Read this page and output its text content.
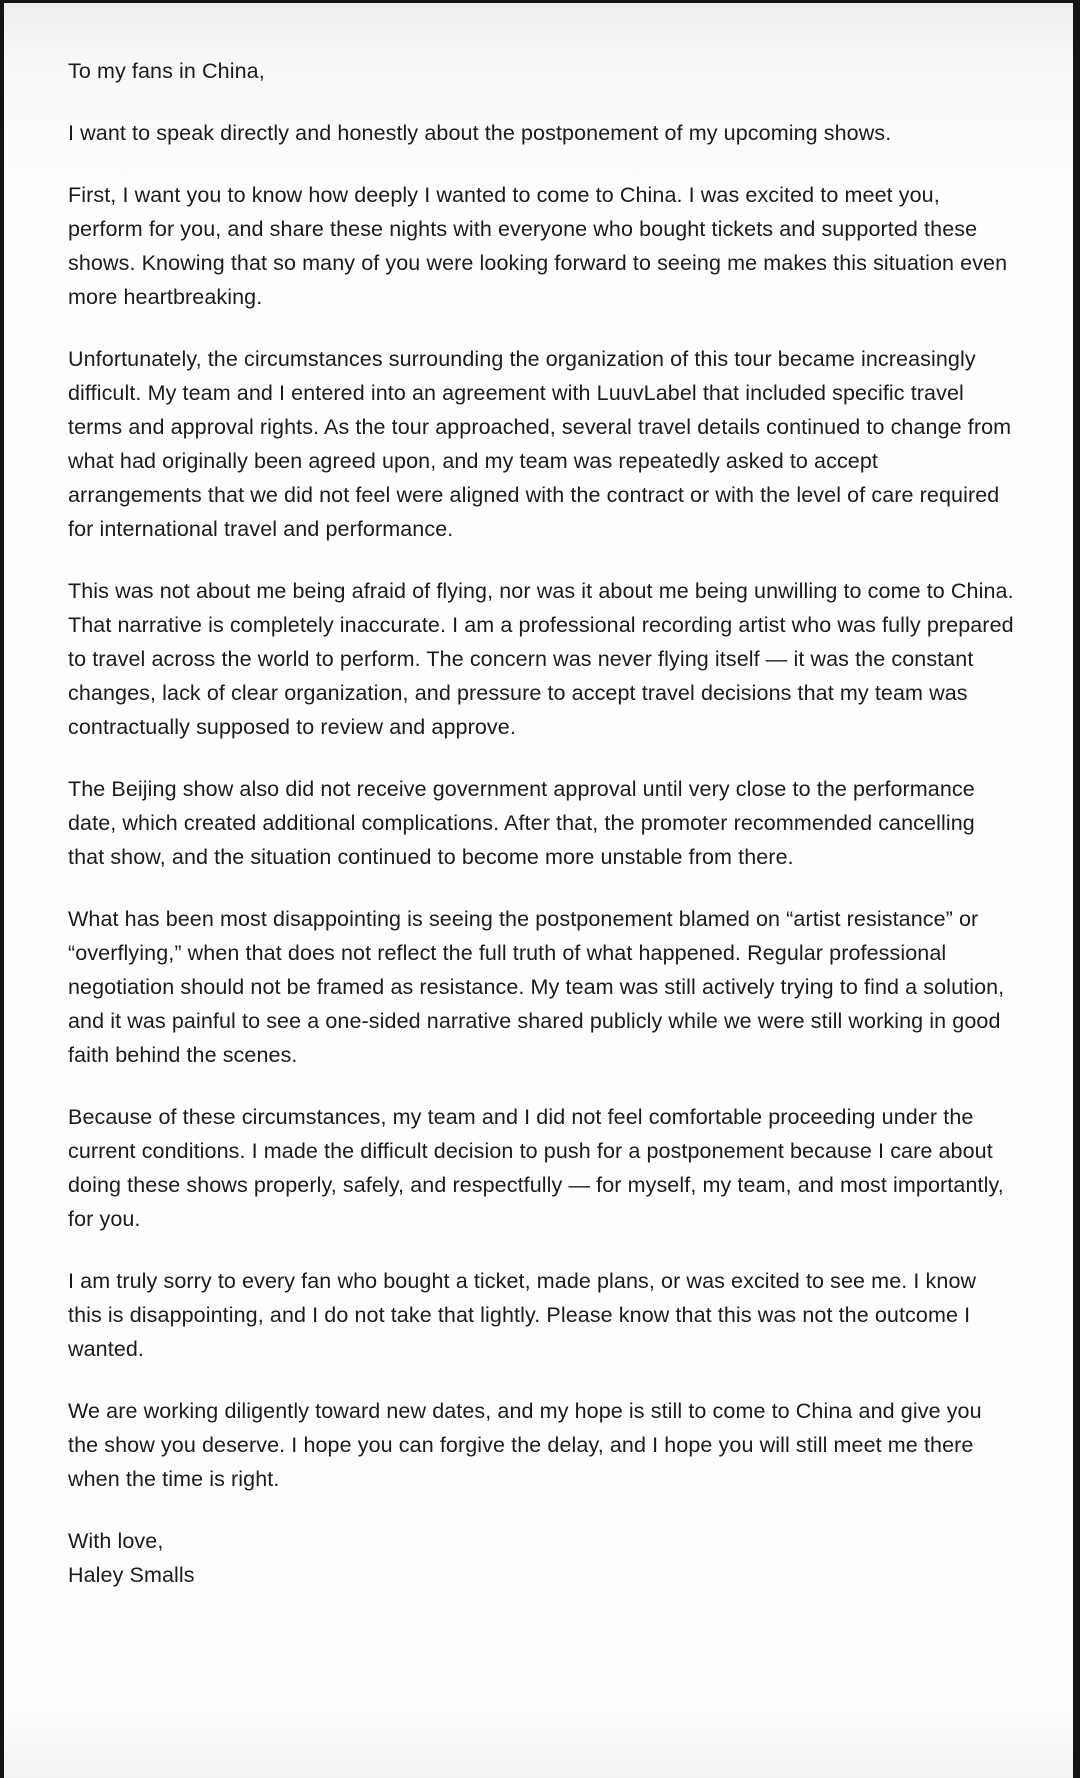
To my fans in China,

I want to speak directly and honestly about the postponement of my upcoming shows.

First, I want you to know how deeply I wanted to come to China. I was excited to meet you, perform for you, and share these nights with everyone who bought tickets and supported these shows. Knowing that so many of you were looking forward to seeing me makes this situation even more heartbreaking.

Unfortunately, the circumstances surrounding the organization of this tour became increasingly difficult. My team and I entered into an agreement with LuuvLabel that included specific travel terms and approval rights. As the tour approached, several travel details continued to change from what had originally been agreed upon, and my team was repeatedly asked to accept arrangements that we did not feel were aligned with the contract or with the level of care required for international travel and performance.

This was not about me being afraid of flying, nor was it about me being unwilling to come to China. That narrative is completely inaccurate. I am a professional recording artist who was fully prepared to travel across the world to perform. The concern was never flying itself — it was the constant changes, lack of clear organization, and pressure to accept travel decisions that my team was contractually supposed to review and approve.

The Beijing show also did not receive government approval until very close to the performance date, which created additional complications. After that, the promoter recommended cancelling that show, and the situation continued to become more unstable from there.

What has been most disappointing is seeing the postponement blamed on “artist resistance” or “overflying,” when that does not reflect the full truth of what happened. Regular professional negotiation should not be framed as resistance. My team was still actively trying to find a solution, and it was painful to see a one-sided narrative shared publicly while we were still working in good faith behind the scenes.

Because of these circumstances, my team and I did not feel comfortable proceeding under the current conditions. I made the difficult decision to push for a postponement because I care about doing these shows properly, safely, and respectfully — for myself, my team, and most importantly, for you.

I am truly sorry to every fan who bought a ticket, made plans, or was excited to see me. I know this is disappointing, and I do not take that lightly. Please know that this was not the outcome I wanted.

We are working diligently toward new dates, and my hope is still to come to China and give you the show you deserve. I hope you can forgive the delay, and I hope you will still meet me there when the time is right.

With love,
Haley Smalls
